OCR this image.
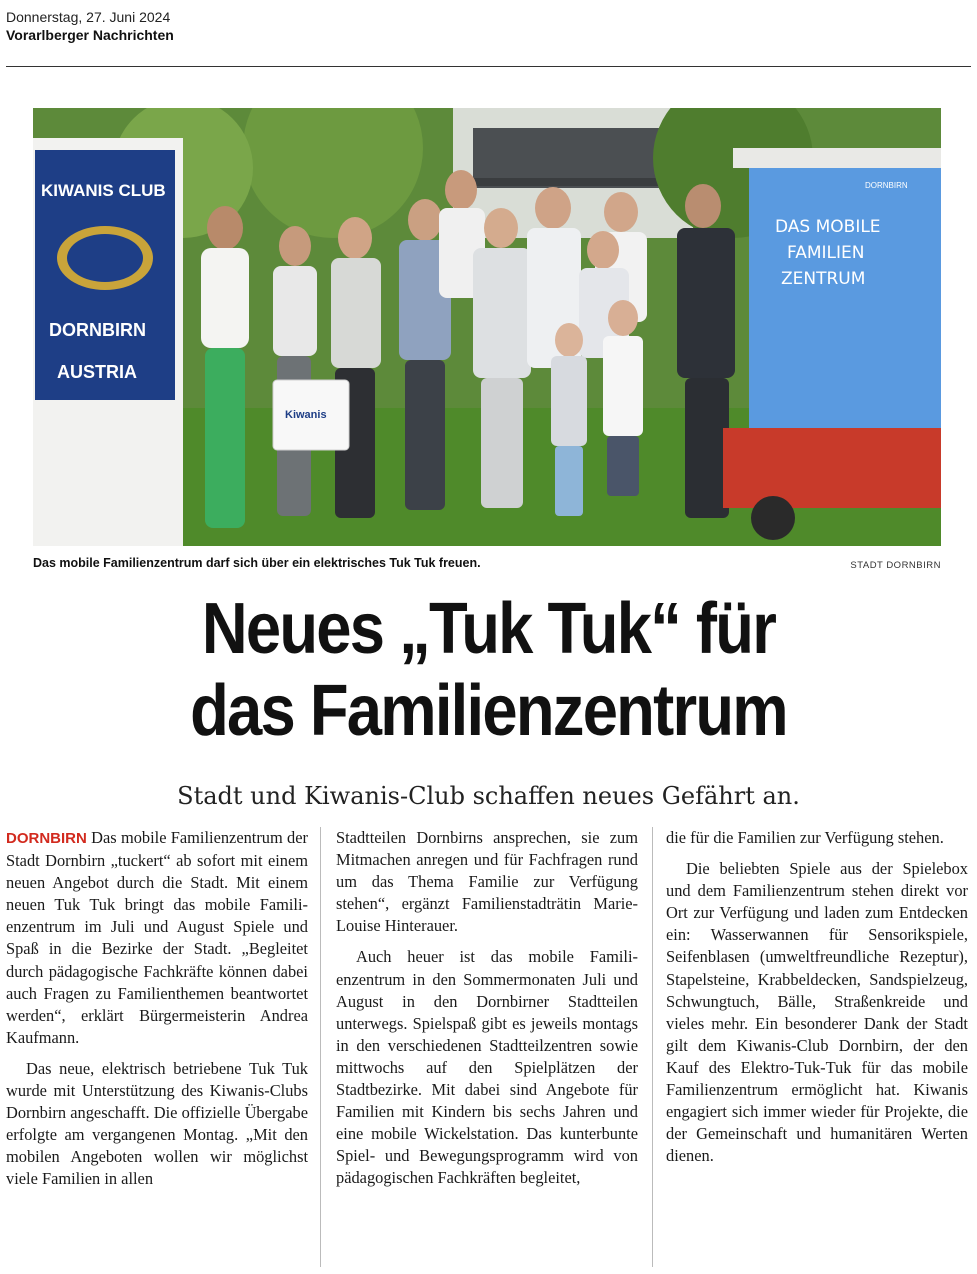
Donnerstag, 27. Juni 2024
Vorarlberger Nachrichten
KIWANIS CLUB
DORNBIRN
AUSTRIA
Kiwanis
DORNBIRN
DAS MOBILE
FAMILIEN
ZENTRUM
Das mobile Familienzentrum darf sich über ein elektrisches Tuk Tuk freuen.	STADT DORNBIRN
Neues „Tuk Tuk“ für
das Familienzentrum
Stadt und Kiwanis-Club schaffen neues Gefährt an.

DORNBIRN Das mobile Familienzentrum der Stadt Dornbirn „tuckert“ ab sofort mit einem neuen Angebot durch die Stadt. Mit einem neuen Tuk Tuk bringt das mobile Familienzentrum im Juli und August Spiele und Spaß in die Bezirke der Stadt. „Begleitet durch pädagogische Fachkräfte können dabei auch Fragen zu Familienthemen beantwortet werden“, erklärt Bürgermeisterin Andrea Kaufmann.

Das neue, elektrisch betriebene Tuk Tuk wurde mit Unterstützung des Kiwanis-Clubs Dornbirn angeschafft. Die offizielle Übergabe erfolgte am vergangenen Montag. „Mit den mobilen Angeboten wollen wir möglichst viele Familien in allen

Stadtteilen Dornbirns ansprechen, sie zum Mitmachen anregen und für Fachfragen rund um das Thema Familie zur Verfügung stehen“, ergänzt Familienstadträtin Marie-Louise Hinterauer.

Auch heuer ist das mobile Familienzentrum in den Sommermonaten Juli und August in den Dornbirner Stadtteilen unterwegs. Spielspaß gibt es jeweils montags in den verschiedenen Stadtteilzentren sowie mittwochs auf den Spielplätzen der Stadtbezirke. Mit dabei sind Angebote für Familien mit Kindern bis sechs Jahren und eine mobile Wickelstation. Das kunterbunte Spiel- und Bewegungsprogramm wird von pädagogischen Fachkräften begleitet,

die für die Familien zur Verfügung stehen.

Die beliebten Spiele aus der Spielebox und dem Familienzentrum stehen direkt vor Ort zur Verfügung und laden zum Entdecken ein: Wasserwannen für Sensorikspiele, Seifenblasen (umweltfreundliche Rezeptur), Stapelsteine, Krabbeldecken, Sandspielzeug, Schwungtuch, Bälle, Straßenkreide und vieles mehr. Ein besonderer Dank der Stadt gilt dem Kiwanis-Club Dornbirn, der den Kauf des Elektro-Tuk-Tuk für das mobile Familienzentrum ermöglicht hat. Kiwanis engagiert sich immer wieder für Projekte, die der Gemeinschaft und humanitären Werten dienen.
